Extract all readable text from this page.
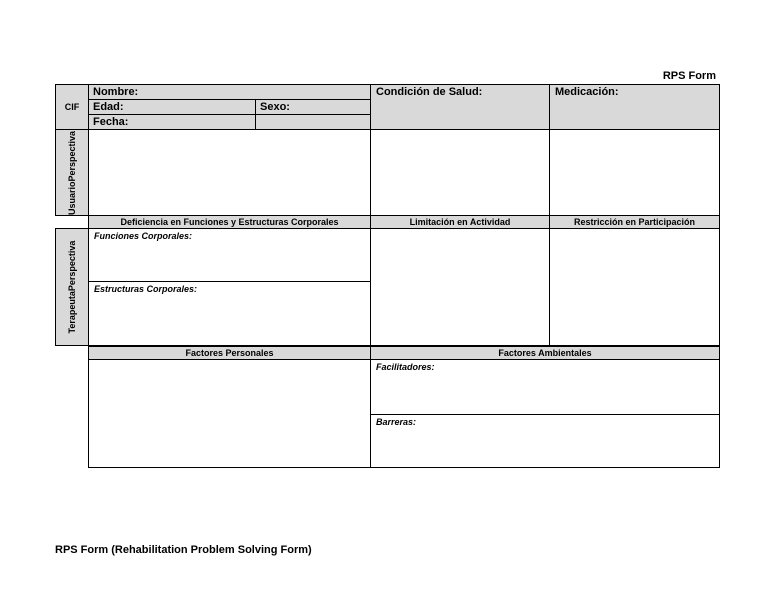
RPS Form
CIF
Nombre:
Edad:	Sexo:
Fecha:
Condición de Salud:	Medicación:
UsuarioPerspectiva
Deficiencia en Funciones y Estructuras Corporales	Limitación en Actividad	Restricción en Participación
TerapeutaPerspectiva
Funciones Corporales:
Estructuras Corporales:
Factores Personales	Factores Ambientales
Facilitadores:
Barreras:
RPS Form (Rehabilitation Problem Solving Form)
